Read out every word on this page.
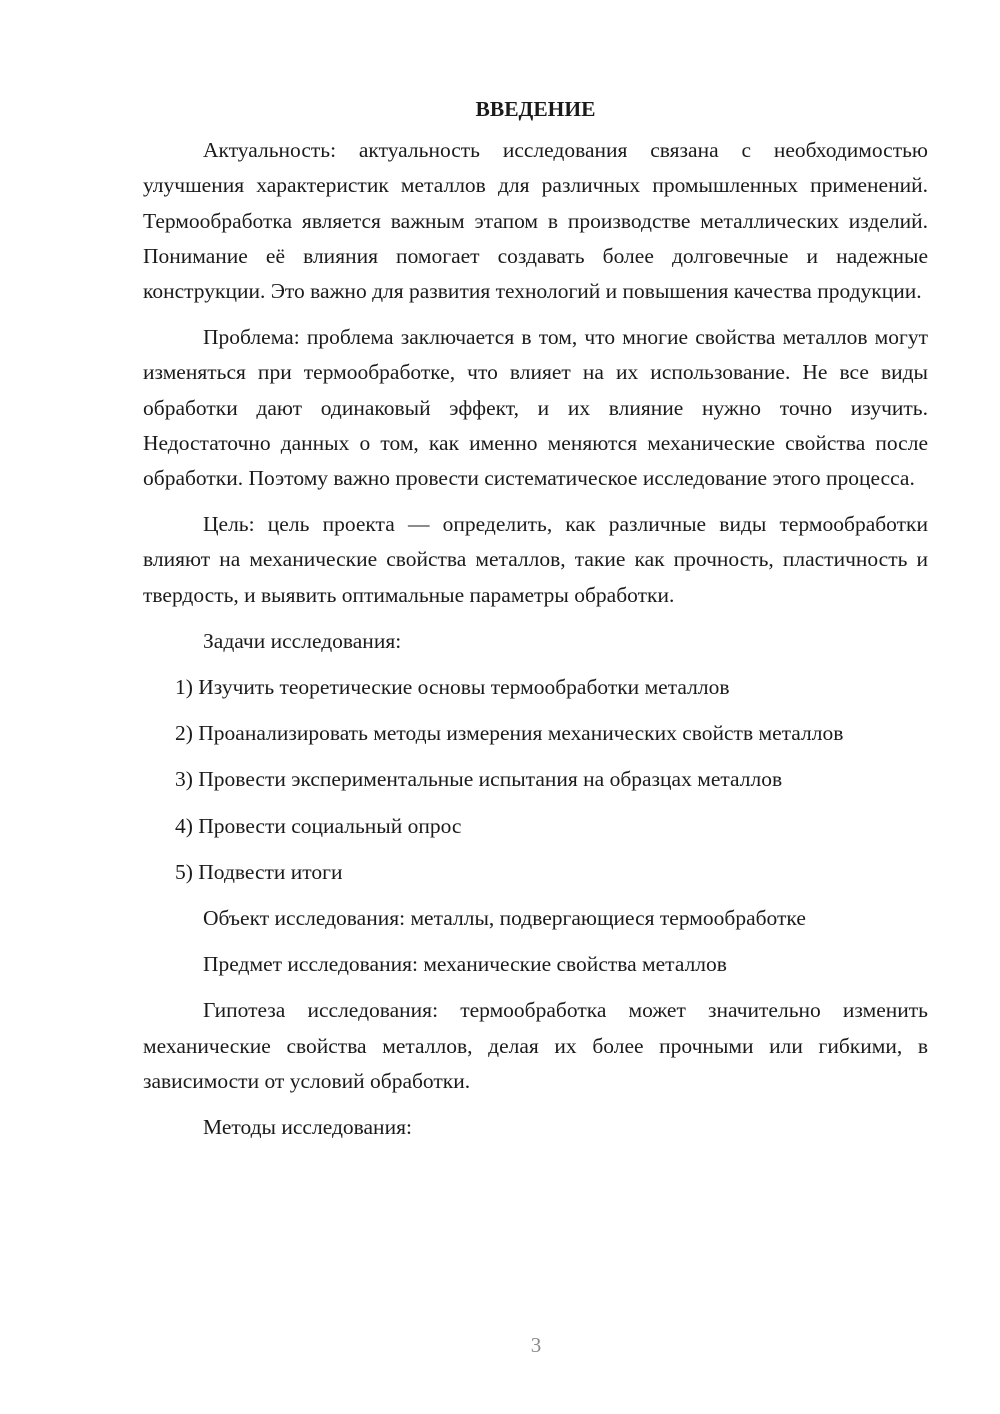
ВВЕДЕНИЕ

Актуальность: актуальность исследования связана с необходимостью улучшения характеристик металлов для различных промышленных применений. Термообработка является важным этапом в производстве металлических изделий. Понимание её влияния помогает создавать более долговечные и надежные конструкции. Это важно для развития технологий и повышения качества продукции.

Проблема: проблема заключается в том, что многие свойства металлов могут изменяться при термообработке, что влияет на их использование. Не все виды обработки дают одинаковый эффект, и их влияние нужно точно изучить. Недостаточно данных о том, как именно меняются механические свойства после обработки. Поэтому важно провести систематическое исследование этого процесса.

Цель: цель проекта — определить, как различные виды термообработки влияют на механические свойства металлов, такие как прочность, пластичность и твердость, и выявить оптимальные параметры обработки.

Задачи исследования:

1) Изучить теоретические основы термообработки металлов

2) Проанализировать методы измерения механических свойств металлов

3) Провести экспериментальные испытания на образцах металлов

4) Провести социальный опрос

5) Подвести итоги

Объект исследования: металлы, подвергающиеся термообработке

Предмет исследования: механические свойства металлов

Гипотеза исследования: термообработка может значительно изменить механические свойства металлов, делая их более прочными или гибкими, в зависимости от условий обработки.

Методы исследования:

3
